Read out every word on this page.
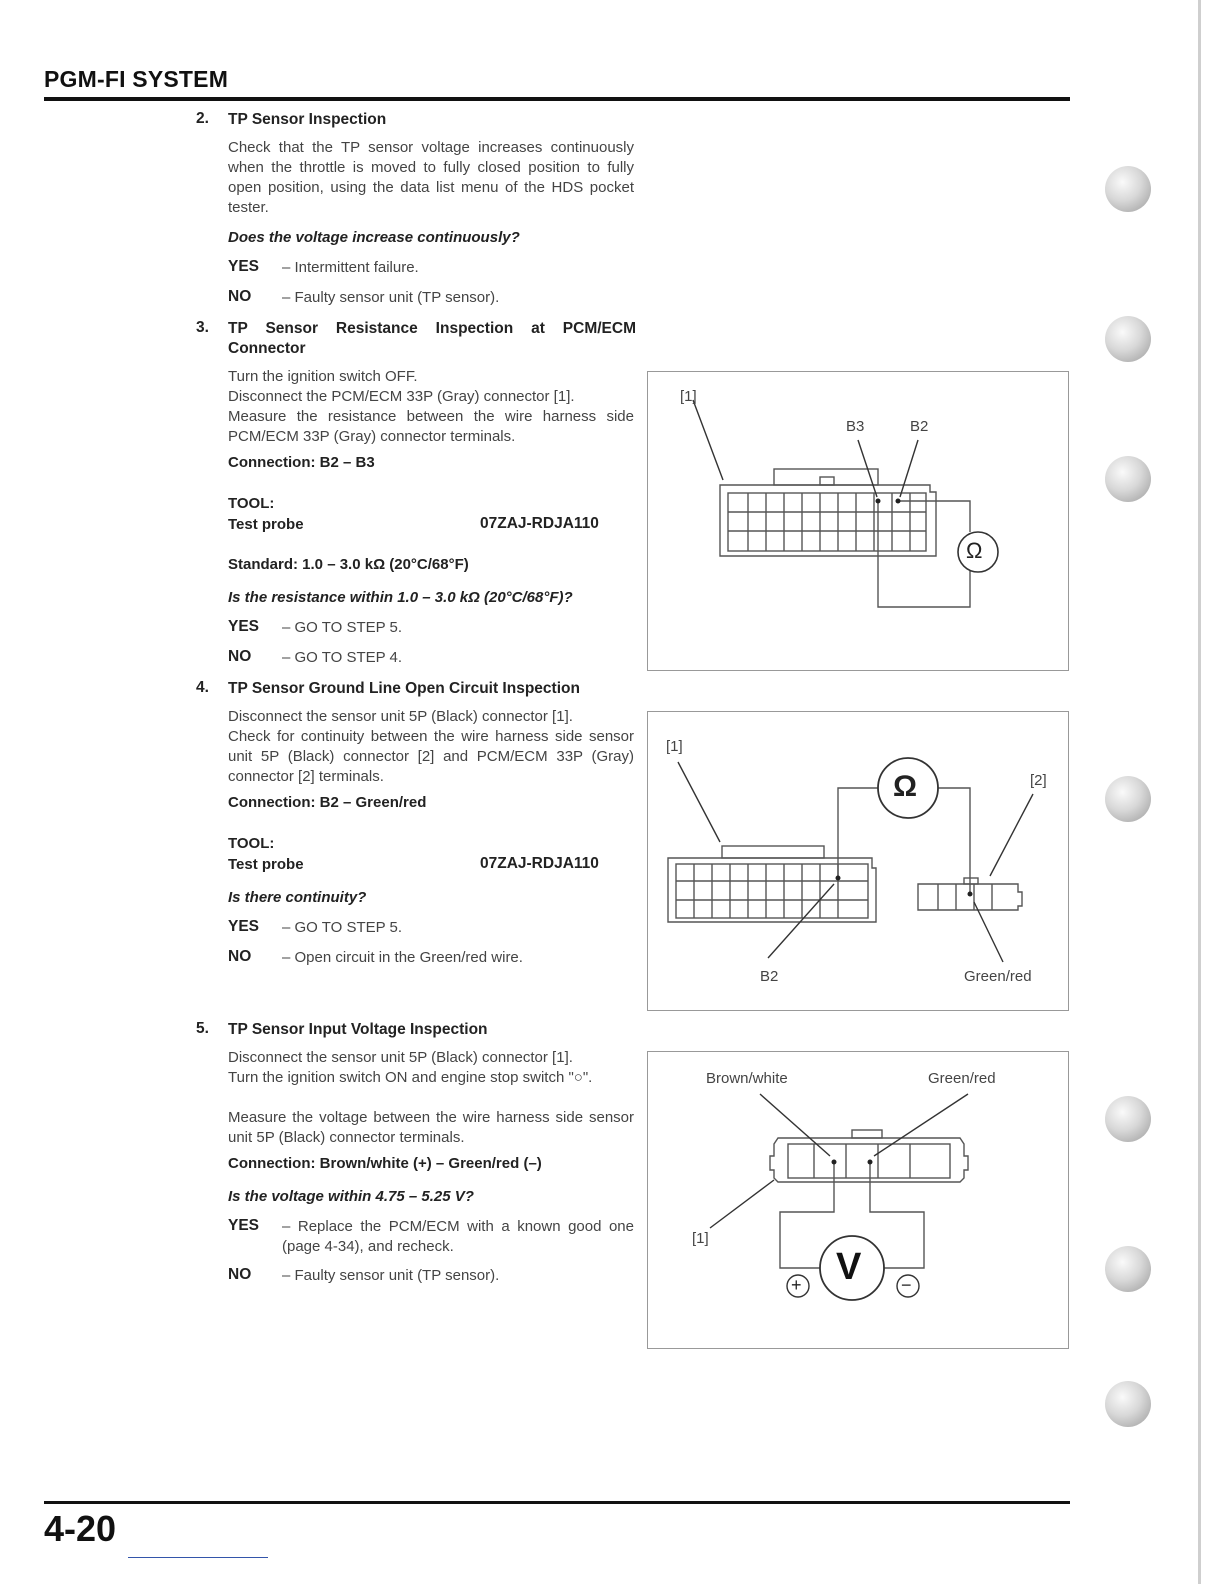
PGM-FI SYSTEM
2. TP Sensor Inspection
Check that the TP sensor voltage increases continuously when the throttle is moved to fully closed position to fully open position, using the data list menu of the HDS pocket tester.
Does the voltage increase continuously?
YES – Intermittent failure.
NO – Faulty sensor unit (TP sensor).
3. TP Sensor Resistance Inspection at PCM/ECM Connector
Turn the ignition switch OFF.
Disconnect the PCM/ECM 33P (Gray) connector [1].
Measure the resistance between the wire harness side PCM/ECM 33P (Gray) connector terminals.
Connection: B2 – B3
TOOL:
Test probe	07ZAJ-RDJA110
Standard: 1.0 – 3.0 kΩ (20°C/68°F)
Is the resistance within 1.0 – 3.0 kΩ (20°C/68°F)?
YES – GO TO STEP 5.
NO – GO TO STEP 4.
4. TP Sensor Ground Line Open Circuit Inspection
Disconnect the sensor unit 5P (Black) connector [1].
Check for continuity between the wire harness side sensor unit 5P (Black) connector [2] and PCM/ECM 33P (Gray) connector [2] terminals.
Connection: B2 – Green/red
TOOL:
Test probe	07ZAJ-RDJA110
Is there continuity?
YES – GO TO STEP 5.
NO – Open circuit in the Green/red wire.
5. TP Sensor Input Voltage Inspection
Disconnect the sensor unit 5P (Black) connector [1].
Turn the ignition switch ON and engine stop switch "○".
Measure the voltage between the wire harness side sensor unit 5P (Black) connector terminals.
Connection: Brown/white (+) – Green/red (–)
Is the voltage within 4.75 – 5.25 V?
YES – Replace the PCM/ECM with a known good one (page 4-34), and recheck.
NO – Faulty sensor unit (TP sensor).
[1]
B3	B2
Ω
[1]
[2]
Ω
B2	Green/red
Brown/white	Green/red
[1]
V
+	−
4-20
